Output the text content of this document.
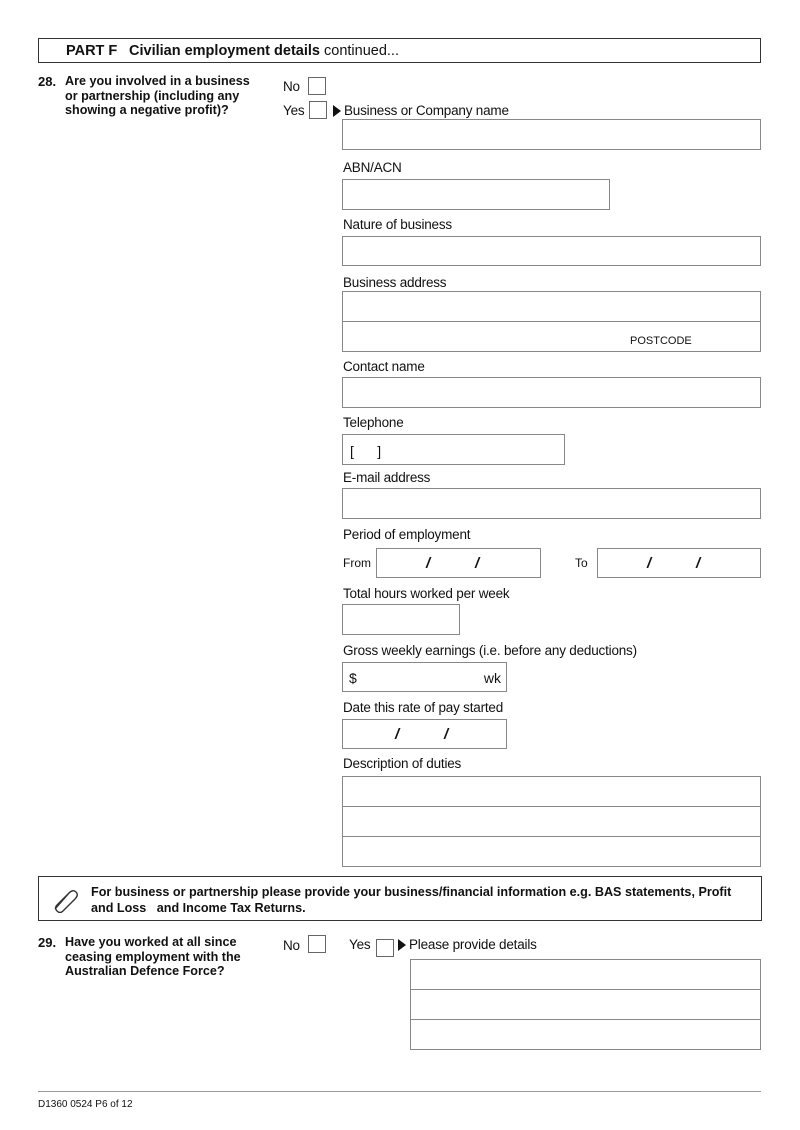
PART F Civilian employment details continued...
28. Are you involved in a business
or partnership (including any
showing a negative profit)?
No
Yes	Business or Company name
ABN/ACN
Nature of business
Business address
POSTCODE
Contact name
Telephone
[      ]
E-mail address
Period of employment
From	/	/	To	/	/
Total hours worked per week
Gross weekly earnings (i.e. before any deductions)
$	wk
Date this rate of pay started
/	/
Description of duties
For business or partnership please provide your business/financial information e.g. BAS statements, Profit
and Loss   and Income Tax Returns.
29. Have you worked at all since
ceasing employment with the
Australian Defence Force?
No	Yes	Please provide details
D1360 0524 P6 of 12
